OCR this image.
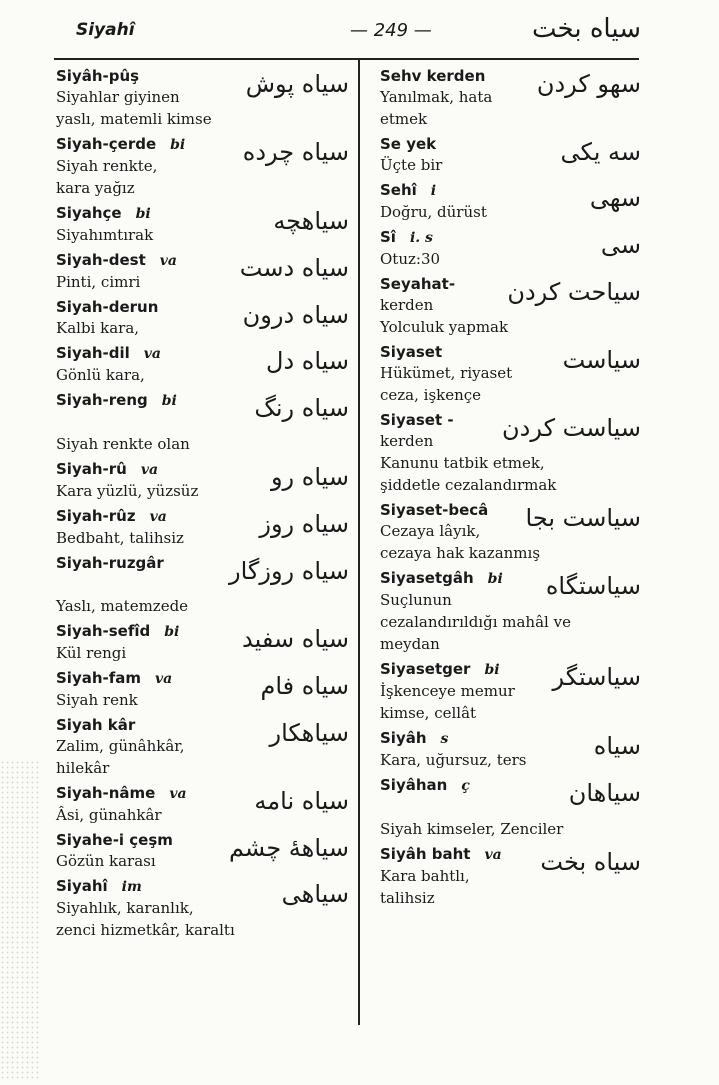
Siyahî	— 249 —	سیاه بخت
Siyâh-pûş
Siyahlar giyinen
yaslı, matemli kimse
سیاه پوش
Siyah-çerde bi
Siyah renkte,
kara yağız
سیاه چرده
Siyahçe bi
Siyahımtırak	سیاهچه
Siyah-dest va
Pinti, cimri	سیاه دست
Siyah-derun
Kalbi kara,	سیاه درون
Siyah-dil va
Gönlü kara,	سیاه دل
Siyah-reng bi

Siyah renkte olan
سیاه رنگ
Siyah-rû va
Kara yüzlü, yüzsüz	سیاه رو
Siyah-rûz va
Bedbaht, talihsiz	سیاه روز
Siyah-ruzgâr

Yaslı, matemzede
سیاه روزگار
Siyah-sefîd bi
Kül rengi	سیاه سفید
Siyah-fam va
Siyah renk	سیاه فام
Siyah kâr
Zalim, günâhkâr,
hilekâr
سیاهکار
Siyah-nâme va
Âsi, günahkâr	سیاه نامه
Siyahe-i çeşm
Gözün karası	سیاهۀ چشم
Siyahî im
Siyahlık, karanlık,
zenci hizmetkâr, karaltı
سیاهی
Sehv kerden
Yanılmak, hata
etmek
سهو کردن
Se yek
Üçte bir	سه یکی
Sehî i
Doğru, dürüst	سهی
Sî i. s
Otuz:30	سی
Seyahat-
kerden
Yolculuk yapmak
سیاحت کردن
Siyaset
Hükümet, riyaset
ceza, işkençe
سیاست
Siyaset -
kerden
Kanunu tatbik etmek,
şiddetle cezalandırmak
سیاست کردن
Siyaset-becâ
Cezaya lâyık,
cezaya hak kazanmış
سیاست بجا
Siyasetgâh bi
Suçlunun
cezalandırıldığı mahâl ve
meydan
سیاستگاه
Siyasetger bi
İşkenceye memur
kimse, cellât
سیاستگر
Siyâh s
Kara, uğursuz, ters	سیاه
Siyâhan ç

Siyah kimseler, Zenciler
سیاهان
Siyâh baht va
Kara bahtlı,
talihsiz
سیاه بخت
